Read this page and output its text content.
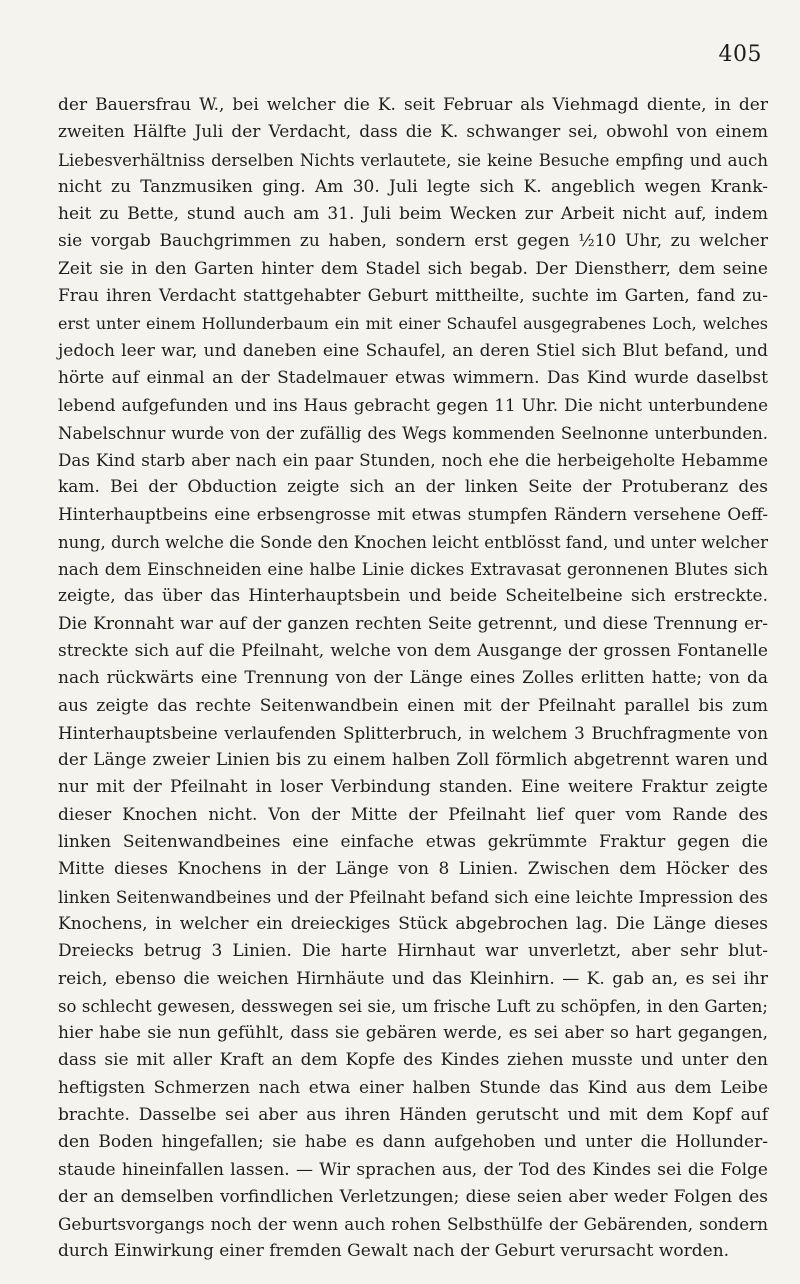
405
der Bauersfrau W., bei welcher die K. seit Februar als Viehmagd diente, in der
zweiten Hälfte Juli der Verdacht, dass die K. schwanger sei, obwohl von einem
Liebesverhältniss derselben Nichts verlautete, sie keine Besuche empfing und auch
nicht zu Tanzmusiken ging. Am 30. Juli legte sich K. angeblich wegen Krank-
heit zu Bette, stund auch am 31. Juli beim Wecken zur Arbeit nicht auf, indem
sie vorgab Bauchgrimmen zu haben, sondern erst gegen ½10 Uhr, zu welcher
Zeit sie in den Garten hinter dem Stadel sich begab. Der Dienstherr, dem seine
Frau ihren Verdacht stattgehabter Geburt mittheilte, suchte im Garten, fand zu-
erst unter einem Hollunderbaum ein mit einer Schaufel ausgegrabenes Loch, welches
jedoch leer war, und daneben eine Schaufel, an deren Stiel sich Blut befand, und
hörte auf einmal an der Stadelmauer etwas wimmern. Das Kind wurde daselbst
lebend aufgefunden und ins Haus gebracht gegen 11 Uhr. Die nicht unterbundene
Nabelschnur wurde von der zufällig des Wegs kommenden Seelnonne unterbunden.
Das Kind starb aber nach ein paar Stunden, noch ehe die herbeigeholte Hebamme
kam. Bei der Obduction zeigte sich an der linken Seite der Protuberanz des
Hinterhauptbeins eine erbsengrosse mit etwas stumpfen Rändern versehene Oeff-
nung, durch welche die Sonde den Knochen leicht entblösst fand, und unter welcher
nach dem Einschneiden eine halbe Linie dickes Extravasat geronnenen Blutes sich
zeigte, das über das Hinterhauptsbein und beide Scheitelbeine sich erstreckte.
Die Kronnaht war auf der ganzen rechten Seite getrennt, und diese Trennung er-
streckte sich auf die Pfeilnaht, welche von dem Ausgange der grossen Fontanelle
nach rückwärts eine Trennung von der Länge eines Zolles erlitten hatte; von da
aus zeigte das rechte Seitenwandbein einen mit der Pfeilnaht parallel bis zum
Hinterhauptsbeine verlaufenden Splitterbruch, in welchem 3 Bruchfragmente von
der Länge zweier Linien bis zu einem halben Zoll förmlich abgetrennt waren und
nur mit der Pfeilnaht in loser Verbindung standen. Eine weitere Fraktur zeigte
dieser Knochen nicht. Von der Mitte der Pfeilnaht lief quer vom Rande des
linken Seitenwandbeines eine einfache etwas gekrümmte Fraktur gegen die
Mitte dieses Knochens in der Länge von 8 Linien. Zwischen dem Höcker des
linken Seitenwandbeines und der Pfeilnaht befand sich eine leichte Impression des
Knochens, in welcher ein dreieckiges Stück abgebrochen lag. Die Länge dieses
Dreiecks betrug 3 Linien. Die harte Hirnhaut war unverletzt, aber sehr blut-
reich, ebenso die weichen Hirnhäute und das Kleinhirn. — K. gab an, es sei ihr
so schlecht gewesen, desswegen sei sie, um frische Luft zu schöpfen, in den Garten;
hier habe sie nun gefühlt, dass sie gebären werde, es sei aber so hart gegangen,
dass sie mit aller Kraft an dem Kopfe des Kindes ziehen musste und unter den
heftigsten Schmerzen nach etwa einer halben Stunde das Kind aus dem Leibe
brachte. Dasselbe sei aber aus ihren Händen gerutscht und mit dem Kopf auf
den Boden hingefallen; sie habe es dann aufgehoben und unter die Hollunder-
staude hineinfallen lassen. — Wir sprachen aus, der Tod des Kindes sei die Folge
der an demselben vorfindlichen Verletzungen; diese seien aber weder Folgen des
Geburtsvorgangs noch der wenn auch rohen Selbsthülfe der Gebärenden, sondern
durch Einwirkung einer fremden Gewalt nach der Geburt verursacht worden.
